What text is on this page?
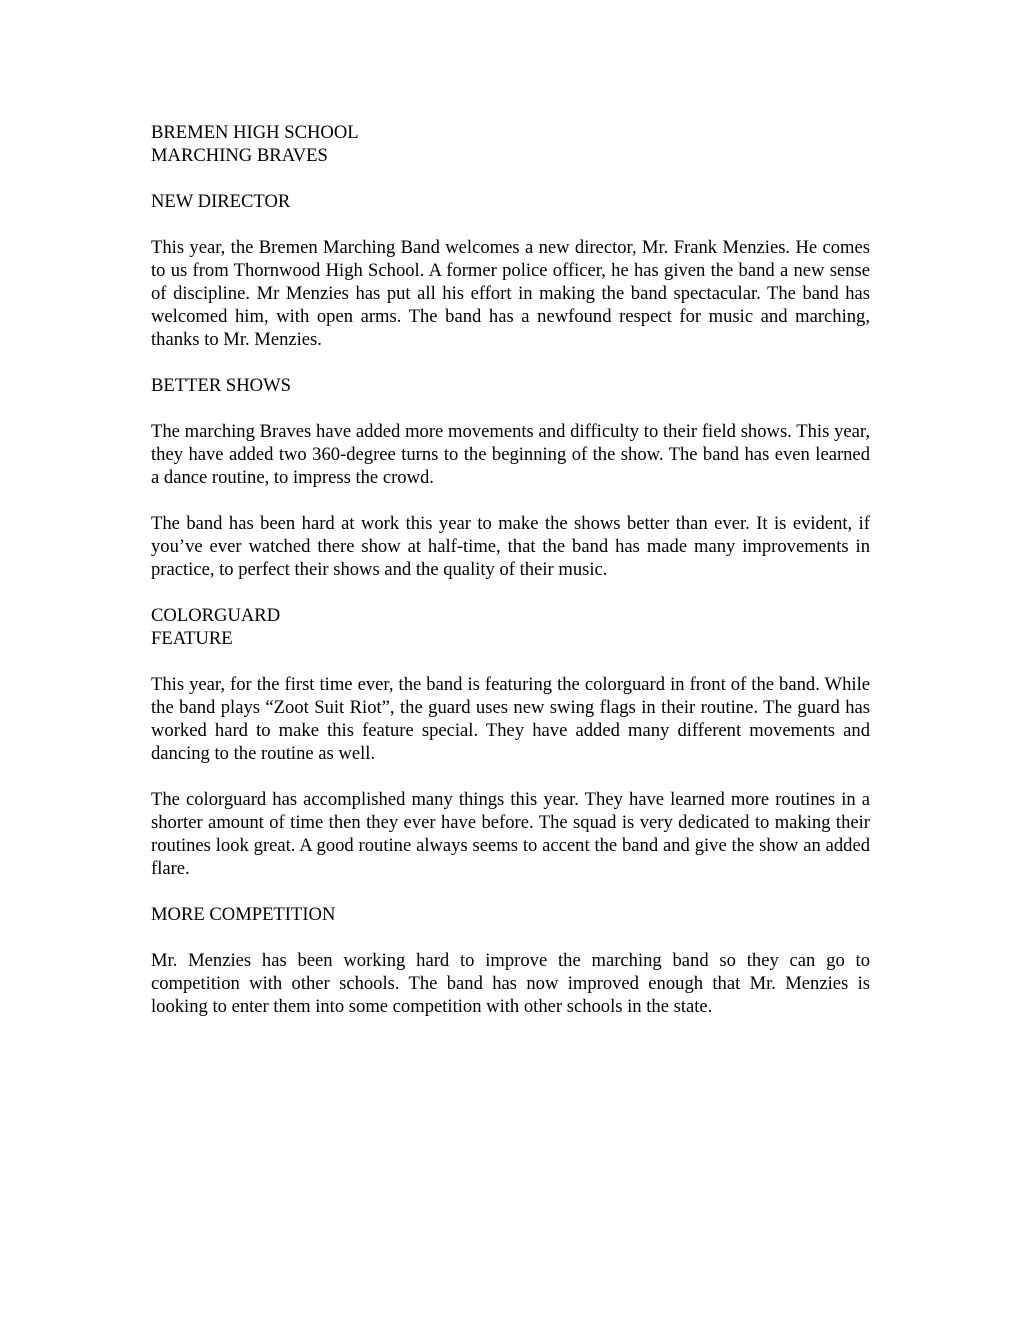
BREMEN HIGH SCHOOL
MARCHING BRAVES
NEW DIRECTOR

This year, the Bremen Marching Band welcomes a new director, Mr. Frank Menzies. He comes to us from Thornwood High School. A former police officer, he has given the band a new sense of discipline. Mr Menzies has put all his effort in making the band spectacular. The band has welcomed him, with open arms. The band has a newfound respect for music and marching, thanks to Mr. Menzies.

BETTER SHOWS

The marching Braves have added more movements and difficulty to their field shows. This year, they have added two 360-degree turns to the beginning of the show. The band has even learned a dance routine, to impress the crowd.

The band has been hard at work this year to make the shows better than ever. It is evident, if you’ve ever watched there show at half-time, that the band has made many improvements in practice, to perfect their shows and the quality of their music.

COLORGUARD
FEATURE

This year, for the first time ever, the band is featuring the colorguard in front of the band. While the band plays “Zoot Suit Riot”, the guard uses new swing flags in their routine. The guard has worked hard to make this feature special. They have added many different movements and dancing to the routine as well.

The colorguard has accomplished many things this year. They have learned more routines in a shorter amount of time then they ever have before. The squad is very dedicated to making their routines look great. A good routine always seems to accent the band and give the show an added flare.

MORE COMPETITION

Mr. Menzies has been working hard to improve the marching band so they can go to competition with other schools. The band has now improved enough that Mr. Menzies is looking to enter them into some competition with other schools in the state.
